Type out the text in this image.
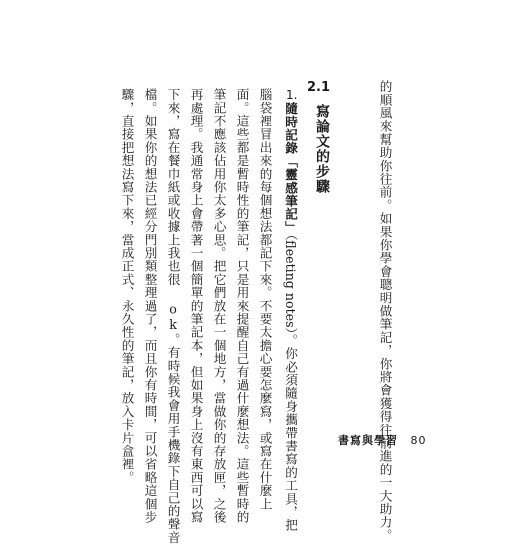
的順風來幫助你往前。如果你學會聰明做筆記，你將會獲得往前進的一大助力。

2.1
寫論文的步驟
1.
隨時記錄「靈感筆記」（fleeting notes）。你必須隨身攜帶書寫的工具，把

腦袋裡冒出來的每個想法都記下來。不要太擔心要怎麼寫，或寫在什麼上

面。這些都是暫時性的筆記，只是用來提醒自己有過什麼想法。這些暫時的

筆記不應該佔用你太多心思。把它們放在一個地方，當做你的存放匣，之後

再處理。我通常身上會帶著一個簡單的筆記本，但如果身上沒有東西可以寫

下來，寫在餐巾紙或收據上我也很 ok。有時候我會用手機錄下自己的聲音

檔。如果你的想法已經分門別類整理過了，而且你有時間，可以省略這個步

驟，直接把想法寫下來，當成正式、永久性的筆記，放入卡片盒裡。	書寫與學習 80
